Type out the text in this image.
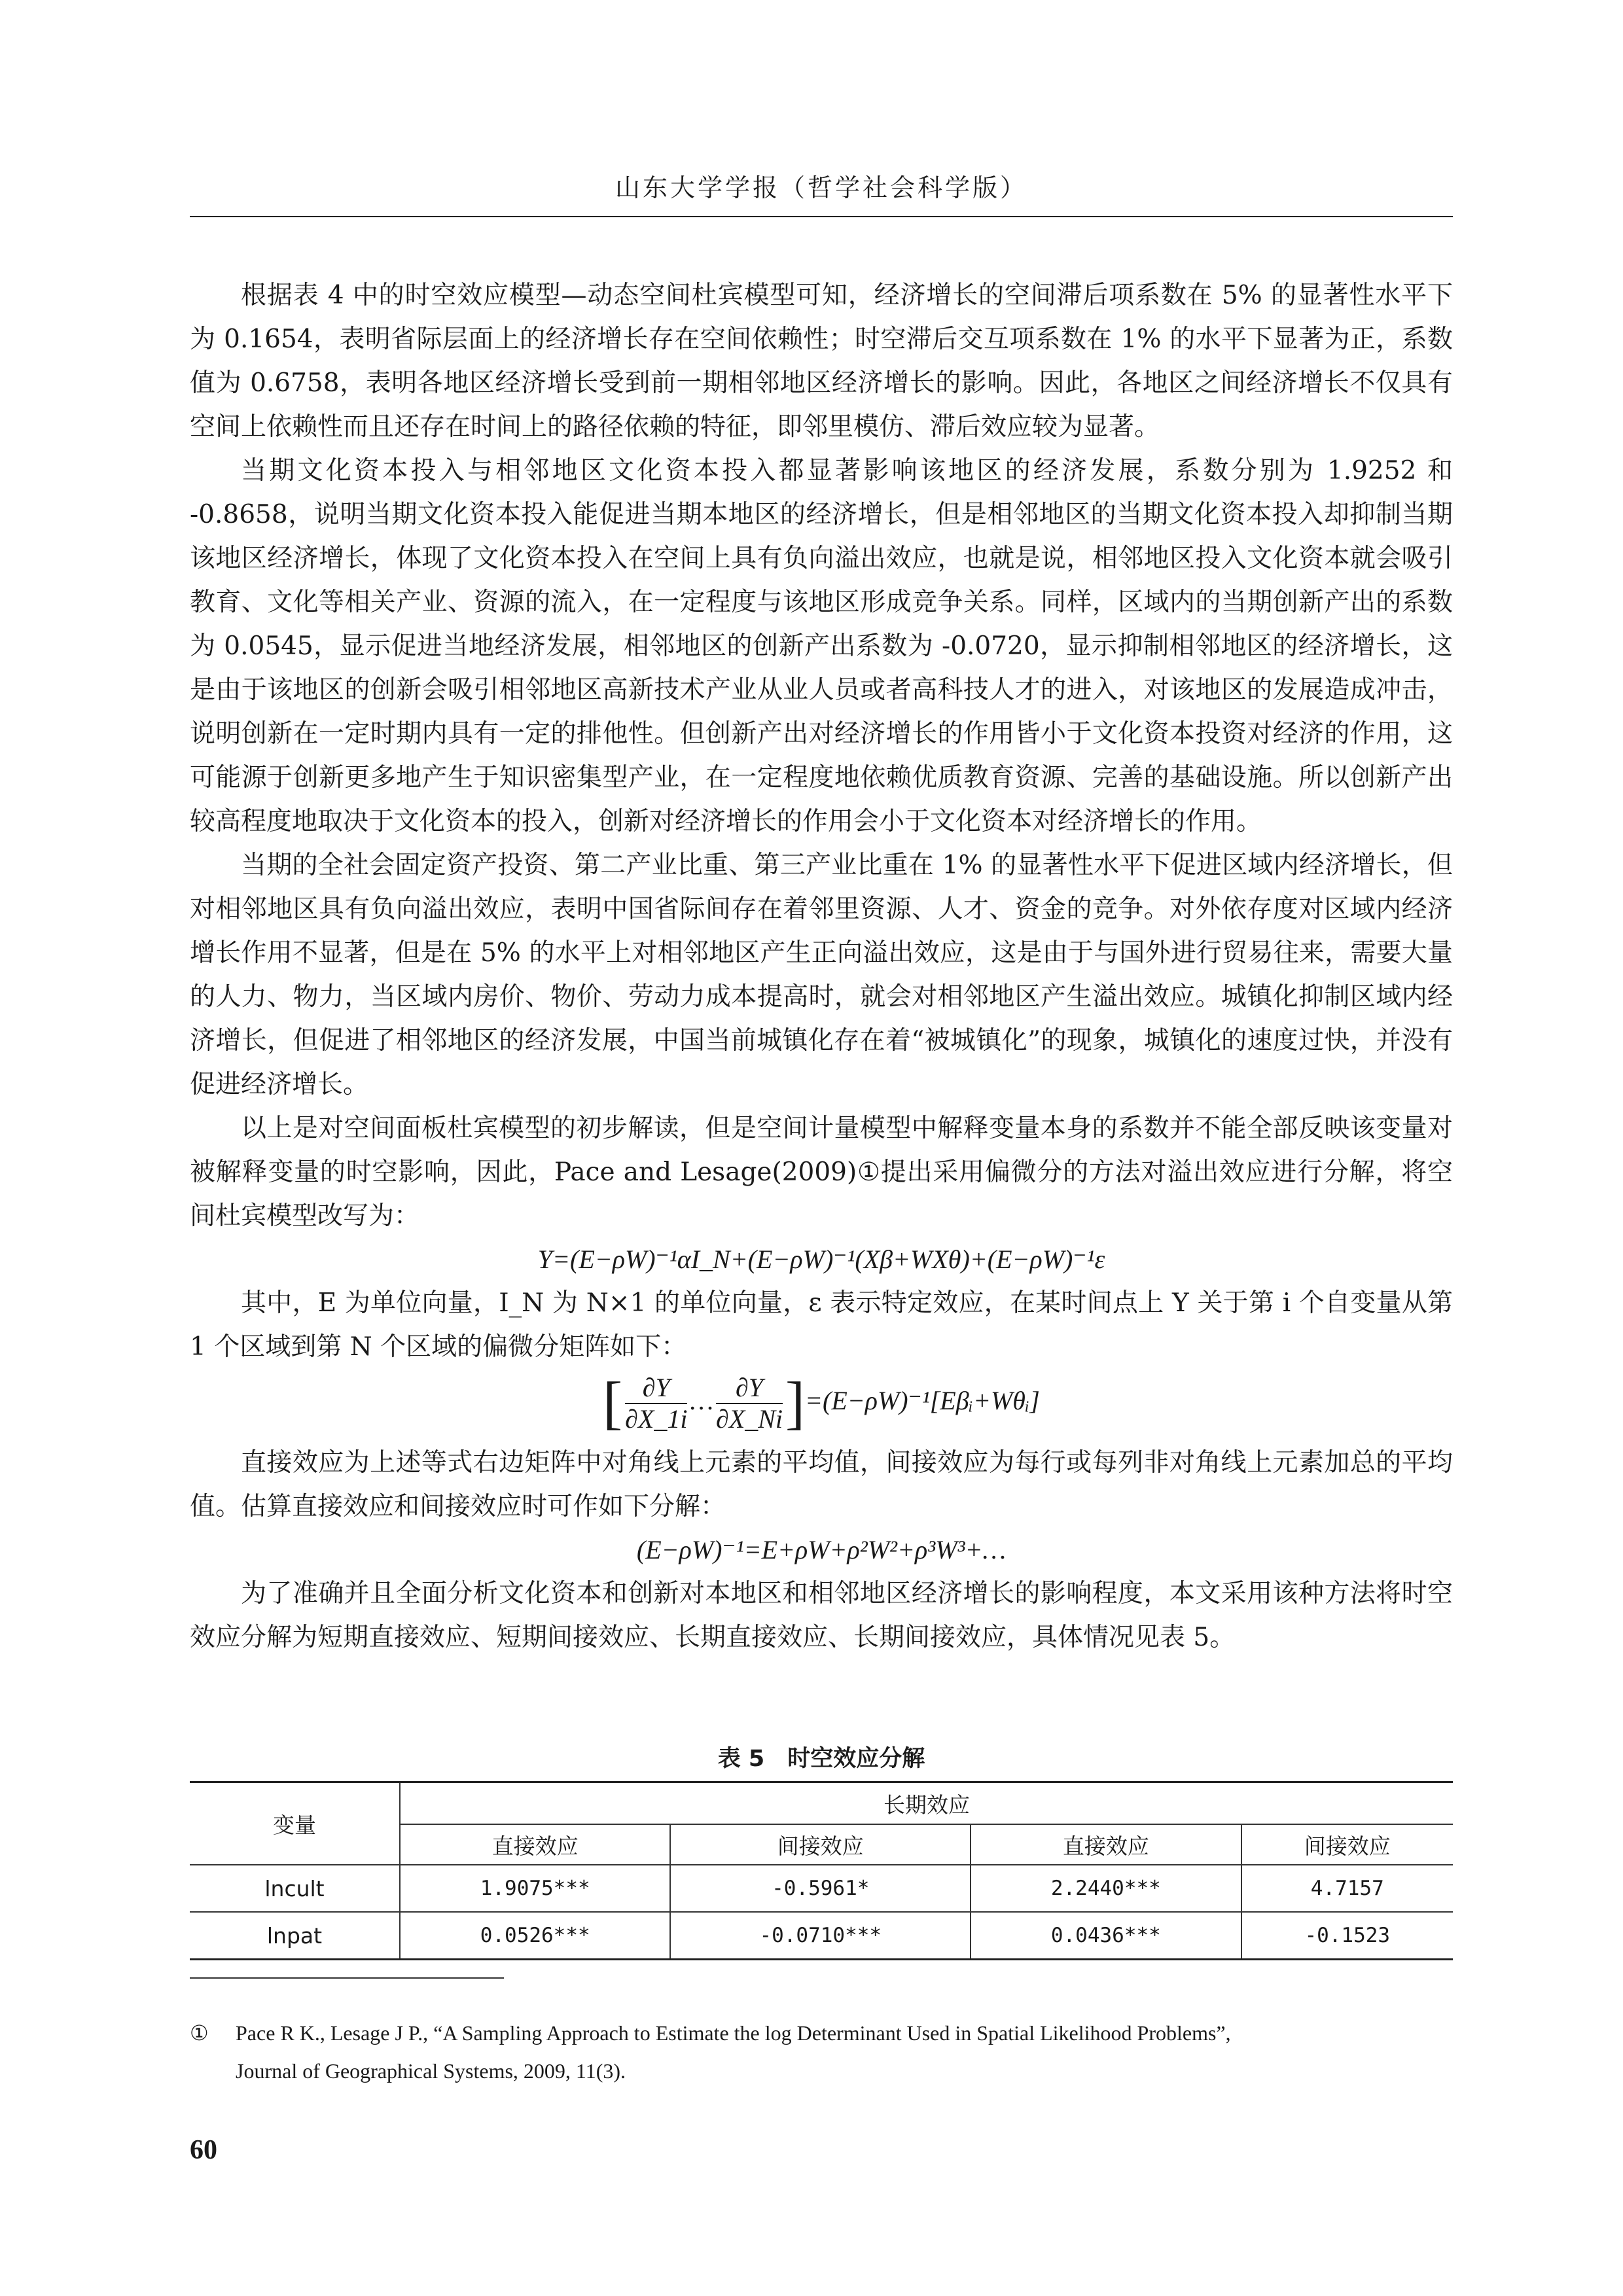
山东大学学报（哲学社会科学版）

根据表 4 中的时空效应模型—动态空间杜宾模型可知，经济增长的空间滞后项系数在 5% 的显著性水平下为 0.1654，表明省际层面上的经济增长存在空间依赖性；时空滞后交互项系数在 1% 的水平下显著为正，系数值为 0.6758，表明各地区经济增长受到前一期相邻地区经济增长的影响。因此，各地区之间经济增长不仅具有空间上依赖性而且还存在时间上的路径依赖的特征，即邻里模仿、滞后效应较为显著。

当期文化资本投入与相邻地区文化资本投入都显著影响该地区的经济发展，系数分别为 1.9252 和 -0.8658，说明当期文化资本投入能促进当期本地区的经济增长，但是相邻地区的当期文化资本投入却抑制当期该地区经济增长，体现了文化资本投入在空间上具有负向溢出效应，也就是说，相邻地区投入文化资本就会吸引教育、文化等相关产业、资源的流入，在一定程度与该地区形成竞争关系。同样，区域内的当期创新产出的系数为 0.0545，显示促进当地经济发展，相邻地区的创新产出系数为 -0.0720，显示抑制相邻地区的经济增长，这是由于该地区的创新会吸引相邻地区高新技术产业从业人员或者高科技人才的进入，对该地区的发展造成冲击，说明创新在一定时期内具有一定的排他性。但创新产出对经济增长的作用皆小于文化资本投资对经济的作用，这可能源于创新更多地产生于知识密集型产业，在一定程度地依赖优质教育资源、完善的基础设施。所以创新产出较高程度地取决于文化资本的投入，创新对经济增长的作用会小于文化资本对经济增长的作用。

当期的全社会固定资产投资、第二产业比重、第三产业比重在 1% 的显著性水平下促进区域内经济增长，但对相邻地区具有负向溢出效应，表明中国省际间存在着邻里资源、人才、资金的竞争。对外依存度对区域内经济增长作用不显著，但是在 5% 的水平上对相邻地区产生正向溢出效应，这是由于与国外进行贸易往来，需要大量的人力、物力，当区域内房价、物价、劳动力成本提高时，就会对相邻地区产生溢出效应。城镇化抑制区域内经济增长，但促进了相邻地区的经济发展，中国当前城镇化存在着“被城镇化”的现象，城镇化的速度过快，并没有促进经济增长。

以上是对空间面板杜宾模型的初步解读，但是空间计量模型中解释变量本身的系数并不能全部反映该变量对被解释变量的时空影响，因此，Pace and Lesage(2009)①提出采用偏微分的方法对溢出效应进行分解，将空间杜宾模型改写为：

Y=(E−ρW)⁻¹αI_N+(E−ρW)⁻¹(Xβ+WXθ)+(E−ρW)⁻¹ε

其中，E 为单位向量，I_N 为 N×1 的单位向量，ε 表示特定效应，在某时间点上 Y 关于第 i 个自变量从第 1 个区域到第 N 个区域的偏微分矩阵如下：

[ $\frac{\partial Y}{\partial X\_1i}$ … $\frac{\partial Y}{\partial X\_Ni}$ ]=(E−ρW)⁻¹[Eβᵢ+Wθᵢ]

直接效应为上述等式右边矩阵中对角线上元素的平均值，间接效应为每行或每列非对角线上元素加总的平均值。估算直接效应和间接效应时可作如下分解：

(E−ρW)⁻¹=E+ρW+ρ²W²+ρ³W³+…

为了准确并且全面分析文化资本和创新对本地区和相邻地区经济增长的影响程度，本文采用该种方法将时空效应分解为短期直接效应、短期间接效应、长期直接效应、长期间接效应，具体情况见表 5。

表 5　时空效应分解
变量	长期效应			
	直接效应	间接效应	直接效应	间接效应
lncult	1.9075***	-0.5961*	2.2440***	4.7157
lnpat	0.0526***	-0.0710***	0.0436***	-0.1523
① Pace R K., Lesage J P., “A Sampling Approach to Estimate the log Determinant Used in Spatial Likelihood Problems”,
Journal of Geographical Systems, 2009, 11(3).
60
